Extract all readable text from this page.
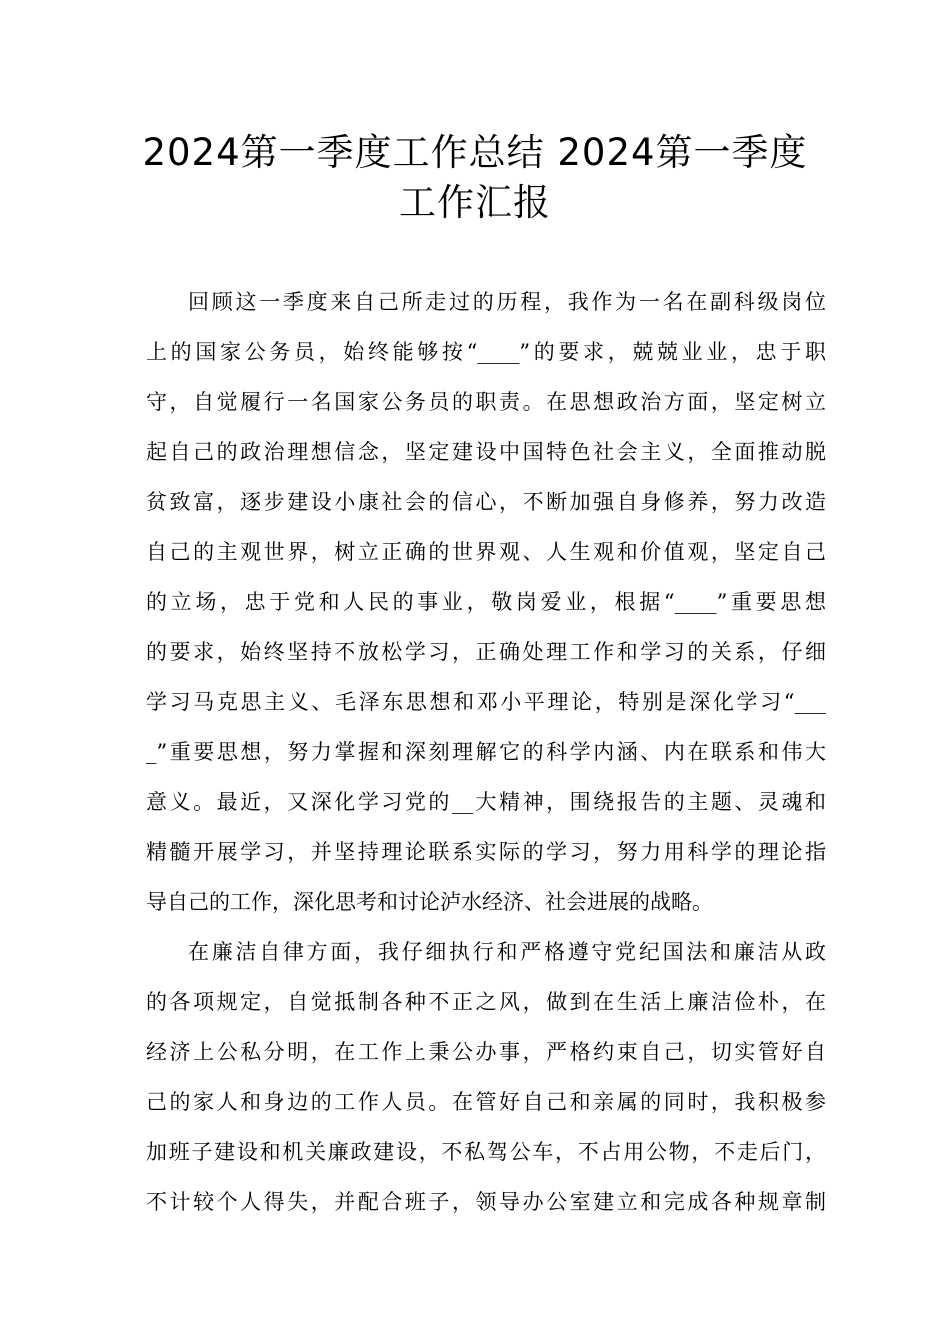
2024第一季度工作总结 2024第一季度
工作汇报
回顾这一季度来自己所走过的历程，我作为一名在副科级岗位
上的国家公务员，始终能够按“____”的要求，兢兢业业，忠于职
守，自觉履行一名国家公务员的职责。在思想政治方面，坚定树立
起自己的政治理想信念，坚定建设中国特色社会主义，全面推动脱
贫致富，逐步建设小康社会的信心，不断加强自身修养，努力改造
自己的主观世界，树立正确的世界观、人生观和价值观，坚定自己
的立场，忠于党和人民的事业，敬岗爱业，根据“____”重要思想
的要求，始终坚持不放松学习，正确处理工作和学习的关系，仔细
学习马克思主义、毛泽东思想和邓小平理论，特别是深化学习“___
_”重要思想，努力掌握和深刻理解它的科学内涵、内在联系和伟大
意义。最近，又深化学习党的__大精神，围绕报告的主题、灵魂和
精髓开展学习，并坚持理论联系实际的学习，努力用科学的理论指
导自己的工作，深化思考和讨论泸水经济、社会进展的战略。
在廉洁自律方面，我仔细执行和严格遵守党纪国法和廉洁从政
的各项规定，自觉抵制各种不正之风，做到在生活上廉洁俭朴，在
经济上公私分明，在工作上秉公办事，严格约束自己，切实管好自
己的家人和身边的工作人员。在管好自己和亲属的同时，我积极参
加班子建设和机关廉政建设，不私驾公车，不占用公物，不走后门，
不计较个人得失，并配合班子，领导办公室建立和完成各种规章制
